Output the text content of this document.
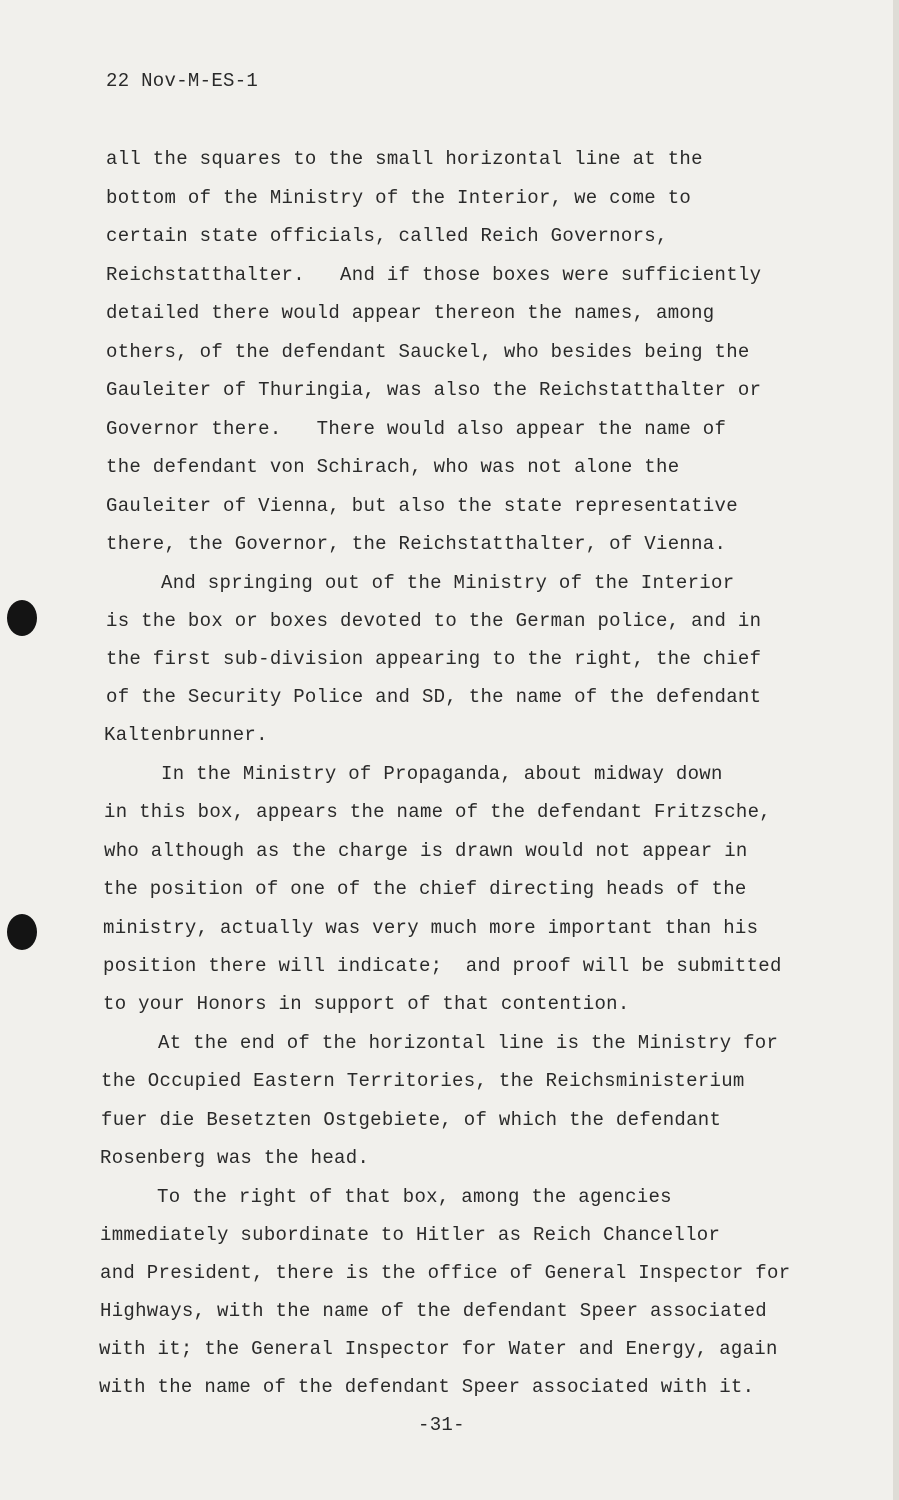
22 Nov-M-ES-1
all the squares to the small horizontal line at the
bottom of the Ministry of the Interior, we come to
certain state officials, called Reich Governors,
Reichstatthalter.   And if those boxes were sufficiently
detailed there would appear thereon the names, among
others, of the defendant Sauckel, who besides being the
Gauleiter of Thuringia, was also the Reichstatthalter or
Governor there.   There would also appear the name of
the defendant von Schirach, who was not alone the
Gauleiter of Vienna, but also the state representative
there, the Governor, the Reichstatthalter, of Vienna.
And springing out of the Ministry of the Interior
is the box or boxes devoted to the German police, and in
the first sub-division appearing to the right, the chief
of the Security Police and SD, the name of the defendant
Kaltenbrunner.
In the Ministry of Propaganda, about midway down
in this box, appears the name of the defendant Fritzsche,
who although as the charge is drawn would not appear in
the position of one of the chief directing heads of the
ministry, actually was very much more important than his
position there will indicate;  and proof will be submitted
to your Honors in support of that contention.
At the end of the horizontal line is the Ministry for
the Occupied Eastern Territories, the Reichsministerium
fuer die Besetzten Ostgebiete, of which the defendant
Rosenberg was the head.
To the right of that box, among the agencies
immediately subordinate to Hitler as Reich Chancellor
and President, there is the office of General Inspector for
Highways, with the name of the defendant Speer associated
with it; the General Inspector for Water and Energy, again
with the name of the defendant Speer associated with it.
-31-
